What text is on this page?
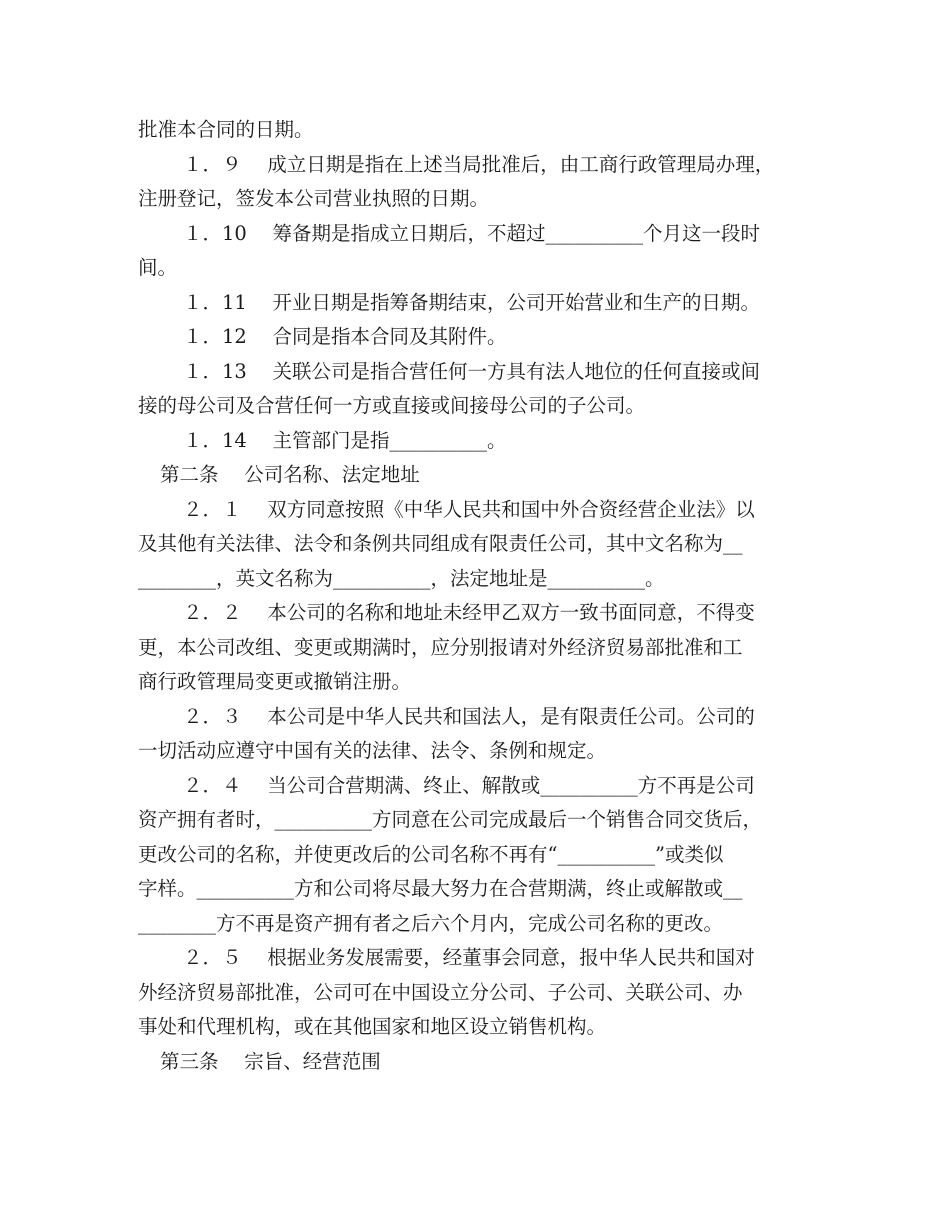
批准本合同的日期。
１．９　 成立日期是指在上述当局批准后，由工商行政管理局办理，
注册登记，签发本公司营业执照的日期。
１．10　 筹备期是指成立日期后，不超过__________个月这一段时
间。
１．11　 开业日期是指筹备期结束，公司开始营业和生产的日期。
１．12　 合同是指本合同及其附件。
１．13　 关联公司是指合营任何一方具有法人地位的任何直接或间
接的母公司及合营任何一方或直接或间接母公司的子公司。
１．14　 主管部门是指__________。
第二条　 公司名称、法定地址
２．１　 双方同意按照《中华人民共和国中外合资经营企业法》以
及其他有关法律、法令和条例共同组成有限责任公司，其中文名称为__
________，英文名称为__________，法定地址是__________。
２．２　 本公司的名称和地址未经甲乙双方一致书面同意，不得变
更，本公司改组、变更或期满时，应分别报请对外经济贸易部批准和工
商行政管理局变更或撤销注册。
２．３　 本公司是中华人民共和国法人，是有限责任公司。公司的
一切活动应遵守中国有关的法律、法令、条例和规定。
２．４　 当公司合营期满、终止、解散或__________方不再是公司
资产拥有者时，__________方同意在公司完成最后一个销售合同交货后，
更改公司的名称，并使更改后的公司名称不再有“__________”或类似
字样。__________方和公司将尽最大努力在合营期满，终止或解散或__
________方不再是资产拥有者之后六个月内，完成公司名称的更改。
２．５　 根据业务发展需要，经董事会同意，报中华人民共和国对
外经济贸易部批准，公司可在中国设立分公司、子公司、关联公司、办
事处和代理机构，或在其他国家和地区设立销售机构。
第三条　 宗旨、经营范围
